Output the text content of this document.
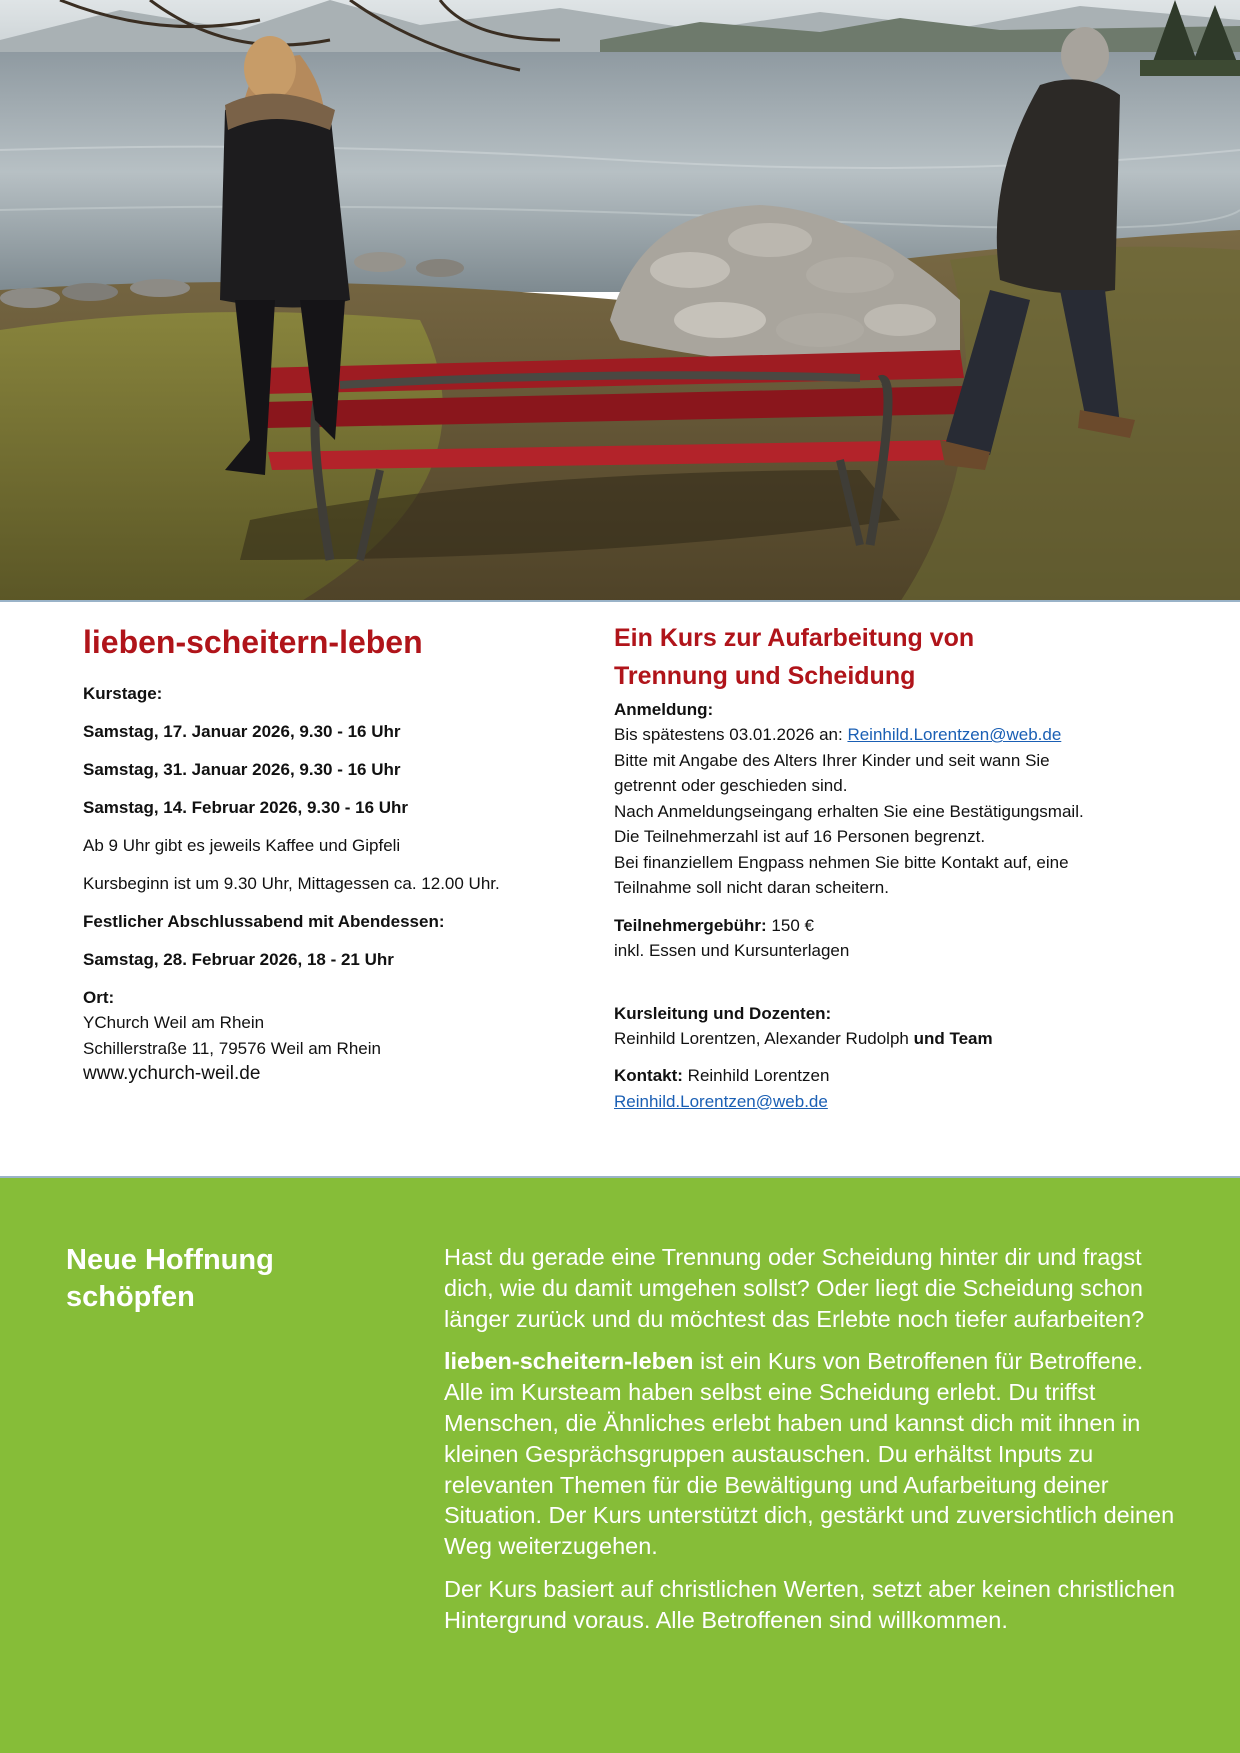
lieben-scheitern-leben
Kurstage:
Samstag, 17. Januar 2026, 9.30 - 16 Uhr
Samstag, 31. Januar 2026, 9.30 - 16 Uhr
Samstag, 14. Februar 2026, 9.30 - 16 Uhr
Ab 9 Uhr gibt es jeweils Kaffee und Gipfeli
Kursbeginn ist um 9.30 Uhr, Mittagessen ca. 12.00 Uhr.
Festlicher Abschlussabend mit Abendessen:
Samstag, 28. Februar 2026, 18 - 21 Uhr
Ort:
YChurch Weil am Rhein
Schillerstraße 11, 79576 Weil am Rhein
www.ychurch-weil.de
Ein Kurs zur Aufarbeitung von
Trennung und Scheidung
Anmeldung:
Bis spätestens 03.01.2026 an: Reinhild.Lorentzen@web.de
Bitte mit Angabe des Alters Ihrer Kinder und seit wann Sie
getrennt oder geschieden sind.
Nach Anmeldungseingang erhalten Sie eine Bestätigungsmail.
Die Teilnehmerzahl ist auf 16 Personen begrenzt.
Bei finanziellem Engpass nehmen Sie bitte Kontakt auf, eine
Teilnahme soll nicht daran scheitern.
Teilnehmergebühr: 150 €
inkl. Essen und Kursunterlagen
Kursleitung und Dozenten:
Reinhild Lorentzen, Alexander Rudolph und Team
Kontakt: Reinhild Lorentzen
Reinhild.Lorentzen@web.de
Neue Hoffnung
schöpfen

Hast du gerade eine Trennung oder Scheidung hinter dir und fragst dich, wie du damit umgehen sollst? Oder liegt die Scheidung schon länger zurück und du möchtest das Erlebte noch tiefer aufarbeiten?

lieben-scheitern-leben ist ein Kurs von Betroffenen für Betroffene. Alle im Kursteam haben selbst eine Scheidung erlebt. Du triffst Menschen, die Ähnliches erlebt haben und kannst dich mit ihnen in kleinen Gesprächsgruppen austauschen. Du erhältst Inputs zu relevanten Themen für die Bewältigung und Aufarbeitung deiner Situation. Der Kurs unterstützt dich, gestärkt und zuversichtlich deinen Weg weiterzugehen.

Der Kurs basiert auf christlichen Werten, setzt aber keinen christlichen Hintergrund voraus. Alle Betroffenen sind willkommen.
